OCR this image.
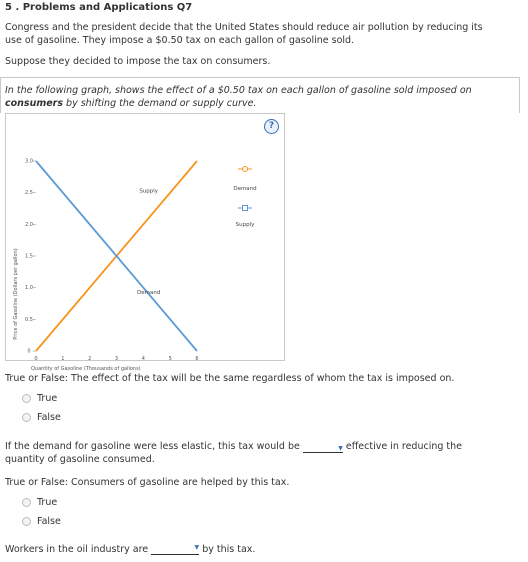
5 . Problems and Applications Q7
Congress and the president decide that the United States should reduce air pollution by reducing its use of gasoline. They impose a $0.50 tax on each gallon of gasoline sold.
Suppose they decided to impose the tax on consumers.
In the following graph, shows the effect of a $0.50 tax on each gallon of gasoline sold imposed on consumers by shifting the demand or supply curve.
?
Price of Gasoline (Dollars per gallon)
Quantity of Gasoline (Thousands of gallons)
0
0.5
1.0
1.5
2.0
2.5
3.0
0	1	2	3	4	5	6
Supply
Demand
Demand
Supply
True or False: The effect of the tax will be the same regardless of whom the tax is imposed on.
True
False
If the demand for gasoline were less elastic, this tax would be ▼	effective in reducing the quantity of gasoline consumed.
True or False: Consumers of gasoline are helped by this tax.
True
False
Workers in the oil industry are ▼	by this tax.
